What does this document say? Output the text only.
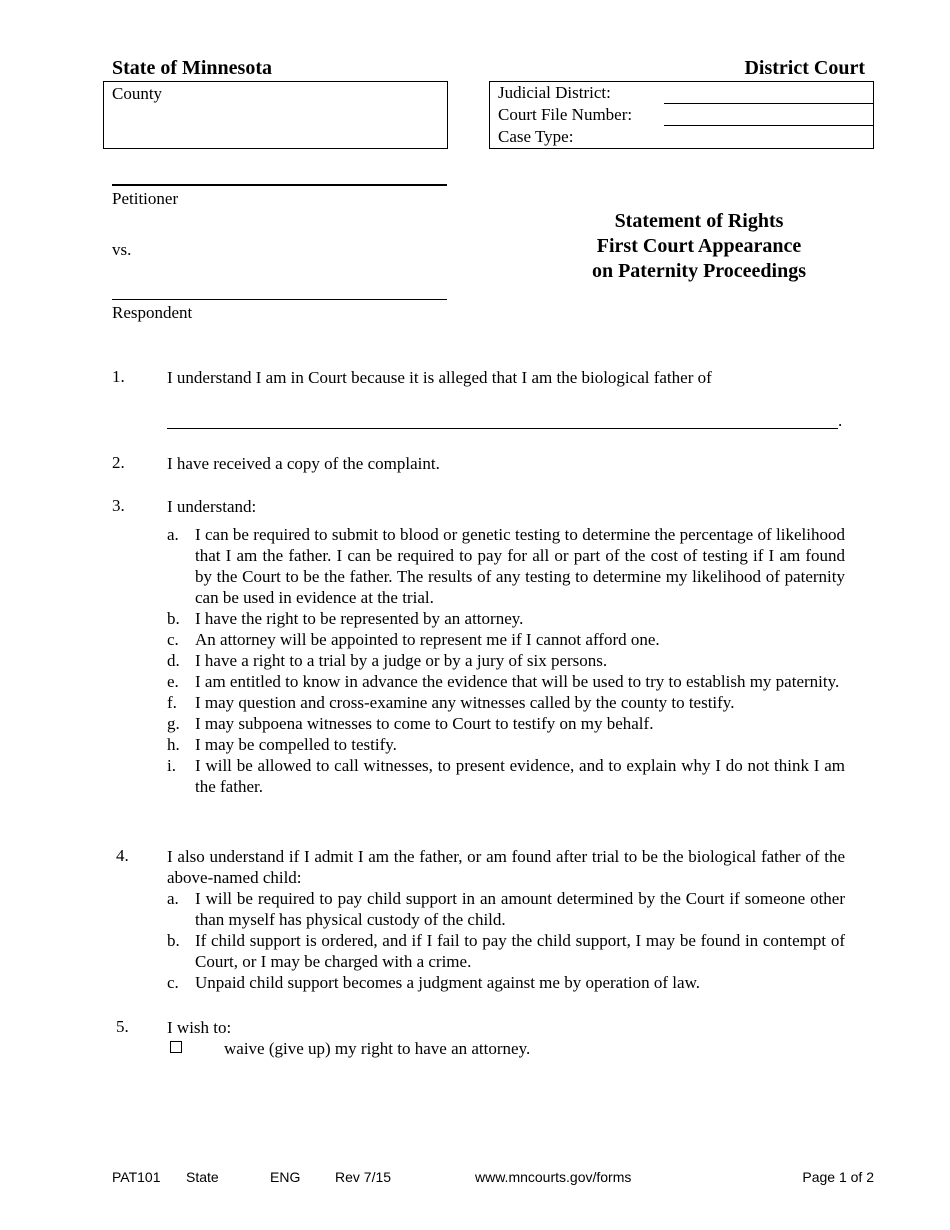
State of Minnesota	District Court
County	Judicial District:
Court File Number:
Case Type:
Petitioner
vs.
Respondent
Statement of Rights
First Court Appearance
on Paternity Proceedings
1. I understand I am in Court because it is alleged that I am the biological father of
.
2. I have received a copy of the complaint.
3. I understand:
a. I can be required to submit to blood or genetic testing to determine the percentage of likelihood that I am the father. I can be required to pay for all or part of the cost of testing if I am found by the Court to be the father. The results of any testing to determine my likelihood of paternity can be used in evidence at the trial.
b. I have the right to be represented by an attorney.
c. An attorney will be appointed to represent me if I cannot afford one.
d. I have a right to a trial by a judge or by a jury of six persons.
e. I am entitled to know in advance the evidence that will be used to try to establish my paternity.
f. I may question and cross-examine any witnesses called by the county to testify.
g. I may subpoena witnesses to come to Court to testify on my behalf.
h. I may be compelled to testify.
i. I will be allowed to call witnesses, to present evidence, and to explain why I do not think I am the father.
4. I also understand if I admit I am the father, or am found after trial to be the biological father of the above-named child:
a. I will be required to pay child support in an amount determined by the Court if someone other than myself has physical custody of the child.
b. If child support is ordered, and if I fail to pay the child support, I may be found in contempt of Court, or I may be charged with a crime.
c. Unpaid child support becomes a judgment against me by operation of law.
5. I wish to:
waive (give up) my right to have an attorney.
PAT101 State	ENG Rev 7/15	www.mncourts.gov/forms	Page 1 of 2
